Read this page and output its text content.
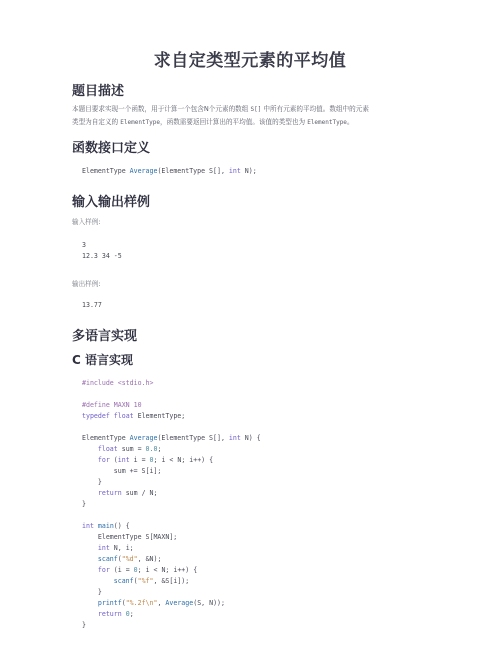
求自定类型元素的平均值
题目描述

本题目要求实现一个函数，用于计算一个包含N个元素的数组 S[] 中所有元素的平均值。数组中的元素
类型为自定义的 ElementType，函数需要返回计算出的平均值。该值的类型也为 ElementType。

函数接口定义
ElementType Average(ElementType S[], int N);
输入输出样例
输入样例:
3
12.3 34 -5
输出样例:
13.77
多语言实现
C 语言实现
#include <stdio.h>

#define MAXN 10
typedef float ElementType;

ElementType Average(ElementType S[], int N) {
float sum = 0.0;
for (int i = 0; i < N; i++) {
sum += S[i];
}
return sum / N;
}

int main() {
ElementType S[MAXN];
int N, i;
scanf("%d", &N);
for (i = 0; i < N; i++) {
scanf("%f", &S[i]);
}
printf("%.2f\n", Average(S, N));
return 0;
}
